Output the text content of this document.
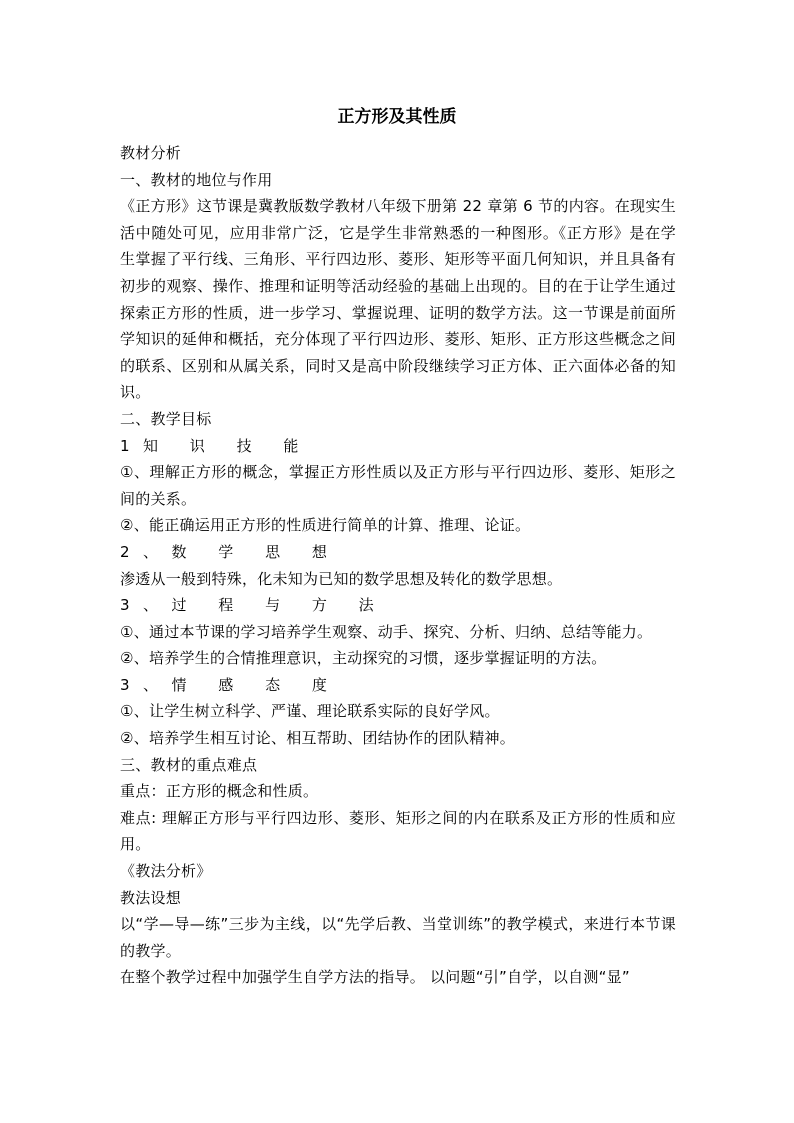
正方形及其性质

教材分析

一、教材的地位与作用

《正方形》这节课是冀教版数学教材八年级下册第 22 章第 6 节的内容。在现实生活中随处可见，应用非常广泛，它是学生非常熟悉的一种图形。《正方形》是在学生掌握了平行线、三角形、平行四边形、菱形、矩形等平面几何知识，并且具备有初步的观察、操作、推理和证明等活动经验的基础上出现的。目的在于让学生通过探索正方形的性质，进一步学习、掌握说理、证明的数学方法。这一节课是前面所学知识的延伸和概括，充分体现了平行四边形、菱形、矩形、正方形这些概念之间的联系、区别和从属关系，同时又是高中阶段继续学习正方体、正六面体必备的知识。

二、教学目标

1知 识 技 能

①、理解正方形的概念，掌握正方形性质以及正方形与平行四边形、菱形、矩形之间的关系。

②、能正确运用正方形的性质进行简单的计算、推理、论证。

2、数 学 思 想

渗透从一般到特殊，化未知为已知的数学思想及转化的数学思想。

3、过 程 与 方 法

①、通过本节课的学习培养学生观察、动手、探究、分析、归纳、总结等能力。

②、培养学生的合情推理意识，主动探究的习惯，逐步掌握证明的方法。

3、情 感 态 度

①、让学生树立科学、严谨、理论联系实际的良好学风。

②、培养学生相互讨论、相互帮助、团结协作的团队精神。

三、教材的重点难点

重点：正方形的概念和性质。

难点: 理解正方形与平行四边形、菱形、矩形之间的内在联系及正方形的性质和应用。

《教法分析》

教法设想

以“学—导—练”三步为主线，以“先学后教、当堂训练”的教学模式，来进行本节课的教学。

在整个教学过程中加强学生自学方法的指导。 以问题“引”自学，以自测“显”
